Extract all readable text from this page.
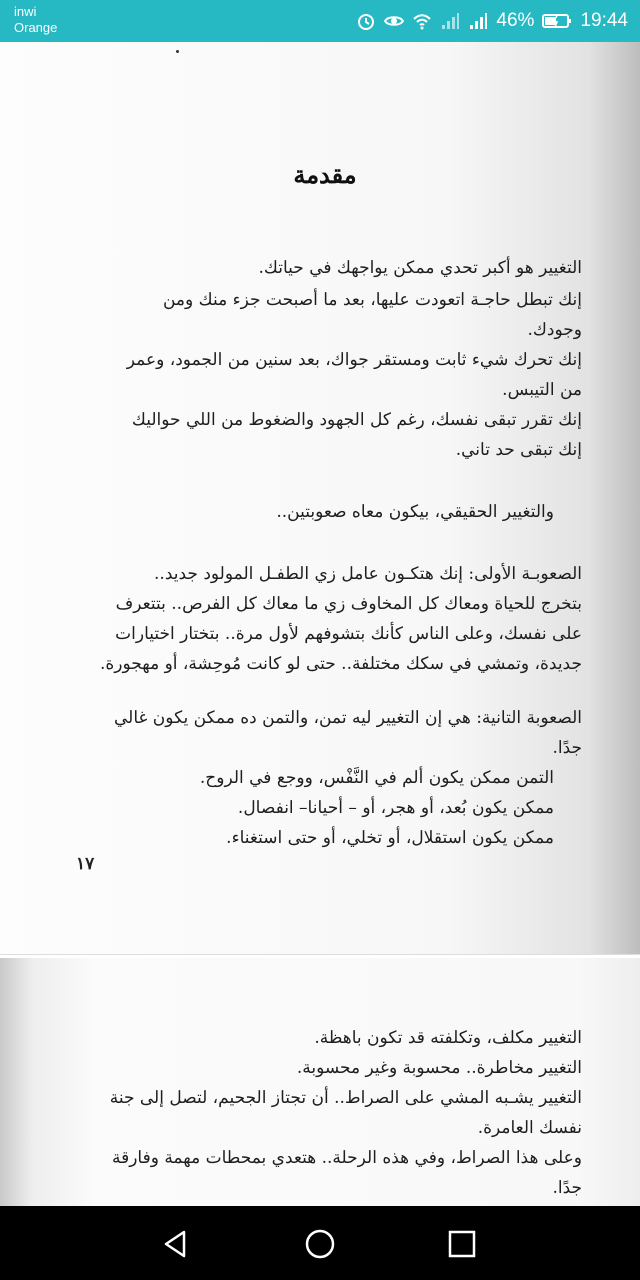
inwi
Orange	46% 19:44
مقدمة
التغيير هو أكبر تحدي ممكن يواجهك في حياتك.
إنك تبطل حاجـة اتعودت عليها، بعد ما أصبحت جزء منك ومن
وجودك.
إنك تحرك شيء ثابت ومستقر جواك، بعد سنين من الجمود، وعمر
من التيبس.
إنك تقرر تبقى نفسك، رغم كل الجهود والضغوط من اللي حواليك
إنك تبقى حد تاني.
والتغيير الحقيقي، بيكون معاه صعوبتين..
الصعوبـة الأولى: إنك هتكـون عامل زي الطفـل المولود جديد..
بتخرج للحياة ومعاك كل المخاوف زي ما معاك كل الفرص.. بتتعرف
على نفسك، وعلى الناس كأنك بتشوفهم لأول مرة.. بتختار اختيارات
جديدة، وتمشي في سكك مختلفة.. حتى لو كانت مُوحِشة، أو مهجورة.
الصعوبة التانية: هي إن التغيير ليه تمن، والتمن ده ممكن يكون غالي
جدًا.
التمن ممكن يكون ألم في النَّفْس، ووجع في الروح.
ممكن يكون بُعد، أو هجر، أو – أحيانا– انفصال.
ممكن يكون استقلال، أو تخلي، أو حتى استغناء.
١٧
التغيير مكلف، وتكلفته قد تكون باهظة.
التغيير مخاطرة.. محسوبة وغير محسوبة.
التغيير يشـبه المشي على الصراط.. أن تجتاز الجحيم، لتصل إلى جنة
نفسك العامرة.
وعلى هذا الصراط، وفي هذه الرحلة.. هتعدي بمحطات مهمة وفارقة
جدًا.
